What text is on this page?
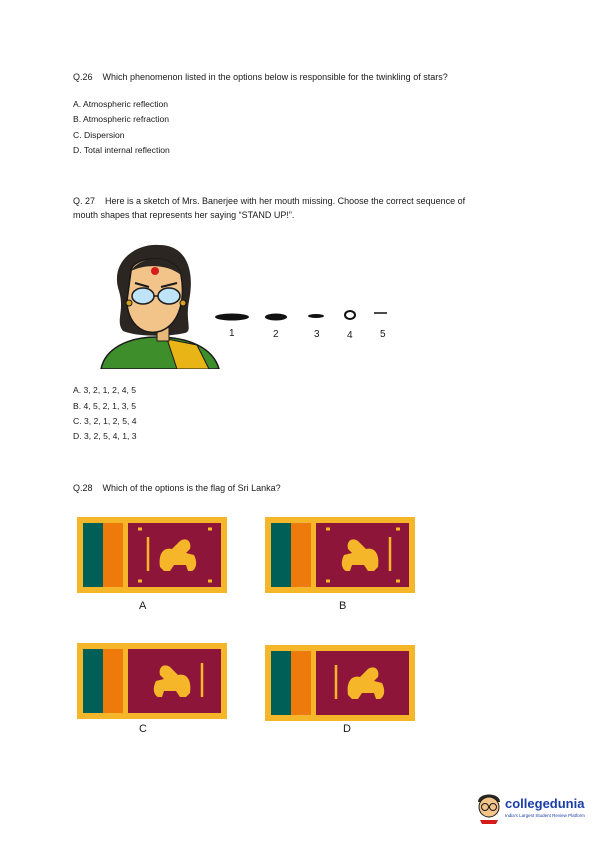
Q.26 Which phenomenon listed in the options below is responsible for the twinkling of stars?
A. Atmospheric reflection
B. Atmospheric refraction
C. Dispersion
D. Total internal reflection
Q. 27 Here is a sketch of Mrs. Banerjee with her mouth missing. Choose the correct sequence of
mouth shapes that represents her saying “STAND UP!”.
1	2	3	4	5
A. 3, 2, 1, 2, 4, 5
B. 4, 5, 2, 1, 3, 5
C. 3, 2, 1, 2, 5, 4
D. 3, 2, 5, 4, 1, 3
Q.28 Which of the options is the flag of Sri Lanka?
A	B
C	D
collegedunia
India's Largest Student Review Platform
